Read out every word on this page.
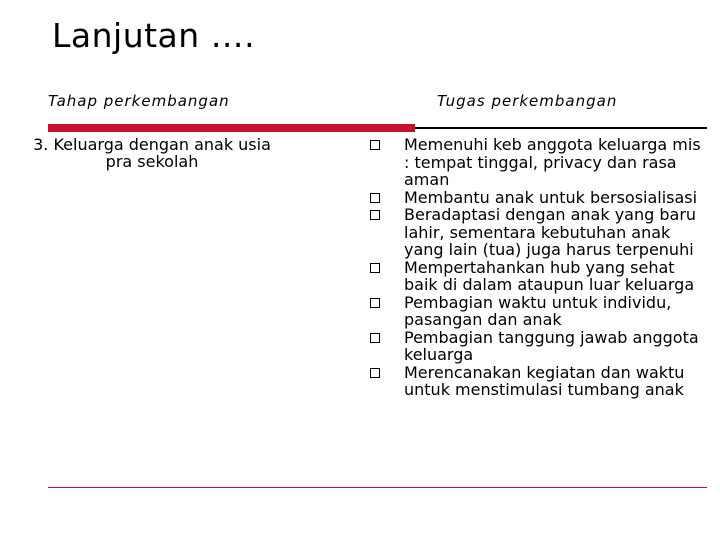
Lanjutan ….
Tahap perkembangan	Tugas perkembangan
3. Keluarga dengan anak usia pra sekolah
Memenuhi keb anggota keluarga mis : tempat tinggal, privacy dan rasa aman
Membantu anak untuk bersosialisasi
Beradaptasi dengan anak yang baru lahir, sementara kebutuhan anak yang lain (tua) juga harus terpenuhi
Mempertahankan hub yang sehat baik di dalam ataupun luar keluarga
Pembagian waktu untuk individu, pasangan dan anak
Pembagian tanggung jawab anggota keluarga
Merencanakan kegiatan dan waktu untuk menstimulasi tumbang anak
